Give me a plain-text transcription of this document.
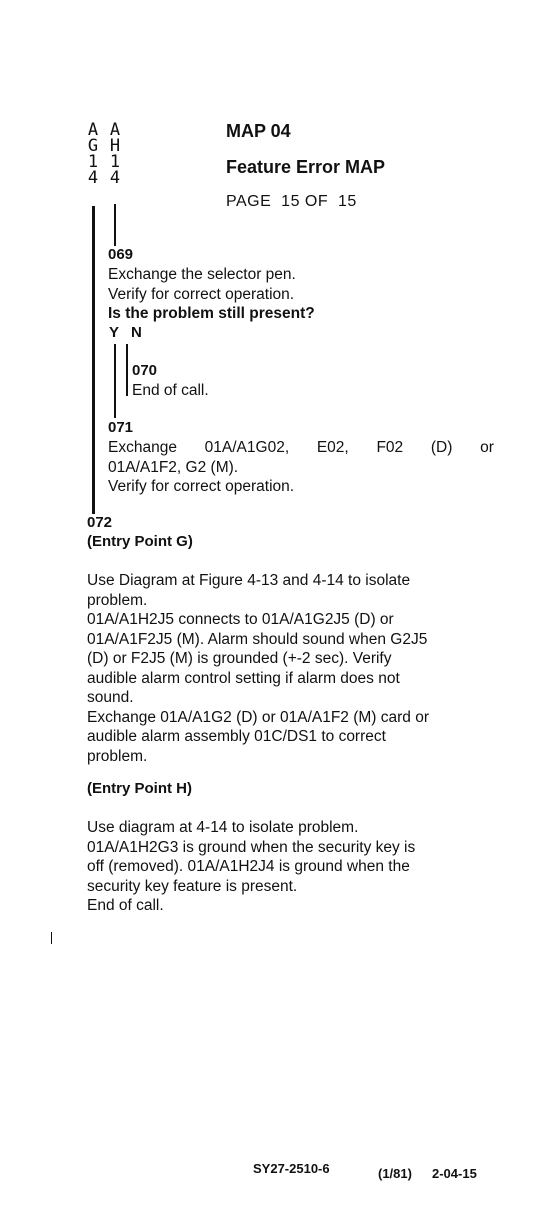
A
G
1
4
A
H
1
4
MAP 04
Feature Error MAP
PAGE  15 OF  15
069
Exchange the selector pen.
Verify for correct operation.
Is the problem still present?
Y N
070
End of call.
071
Exchange 01A/A1G02, E02, F02 (D) or
01A/A1F2, G2 (M).
Verify for correct operation.
072
(Entry Point G)
Use Diagram at Figure 4-13 and 4-14 to isolate
problem.
01A/A1H2J5 connects to 01A/A1G2J5 (D) or
01A/A1F2J5 (M). Alarm should sound when G2J5
(D) or F2J5 (M) is grounded (+-2 sec). Verify
audible alarm control setting if alarm does not
sound.
Exchange 01A/A1G2 (D) or 01A/A1F2 (M) card or
audible alarm assembly 01C/DS1 to correct
problem.
(Entry Point H)
Use diagram at 4-14 to isolate problem.
01A/A1H2G3 is ground when the security key is
off (removed). 01A/A1H2J4 is ground when the
security key feature is present.
End of call.
SY27-2510-6	(1/81) 2-04-15
